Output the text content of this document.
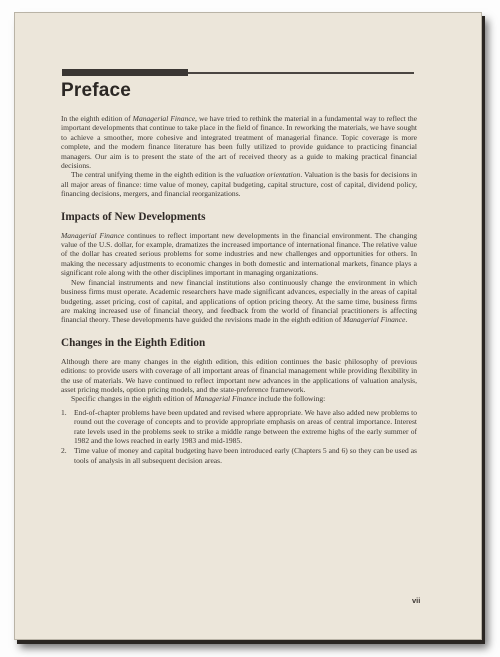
Preface

In the eighth edition of Managerial Finance, we have tried to rethink the material in a fundamental way to reflect the important developments that continue to take place in the field of finance. In reworking the materials, we have sought to achieve a smoother, more cohesive and integrated treatment of managerial finance. Topic coverage is more complete, and the modern finance literature has been fully utilized to provide guidance to practicing financial managers. Our aim is to present the state of the art of received theory as a guide to making practical financial decisions.

The central unifying theme in the eighth edition is the valuation orientation. Valuation is the basis for decisions in all major areas of finance: time value of money, capital budgeting, capital structure, cost of capital, dividend policy, financing decisions, mergers, and financial reorganizations.

Impacts of New Developments

Managerial Finance continues to reflect important new developments in the financial environment. The changing value of the U.S. dollar, for example, dramatizes the increased importance of international finance. The relative value of the dollar has created serious problems for some industries and new challenges and opportunities for others. In making the necessary adjustments to economic changes in both domestic and international markets, finance plays a significant role along with the other disciplines important in managing organizations.

New financial instruments and new financial institutions also continuously change the environment in which business firms must operate. Academic researchers have made significant advances, especially in the areas of capital budgeting, asset pricing, cost of capital, and applications of option pricing theory. At the same time, business firms are making increased use of financial theory, and feedback from the world of financial practitioners is affecting financial theory. These developments have guided the revisions made in the eighth edition of Managerial Finance.

Changes in the Eighth Edition

Although there are many changes in the eighth edition, this edition continues the basic philosophy of previous editions: to provide users with coverage of all important areas of financial management while providing flexibility in the use of materials. We have continued to reflect important new advances in the applications of valuation analysis, asset pricing models, option pricing models, and the state-preference framework.

Specific changes in the eighth edition of Managerial Finance include the following:

1. End-of-chapter problems have been updated and revised where appropriate. We have also added new problems to round out the coverage of concepts and to provide appropriate emphasis on areas of central importance. Interest rate levels used in the problems seek to strike a middle range between the extreme highs of the early summer of 1982 and the lows reached in early 1983 and mid-1985.
2. Time value of money and capital budgeting have been introduced early (Chapters 5 and 6) so they can be used as tools of analysis in all subsequent decision areas.
vii
